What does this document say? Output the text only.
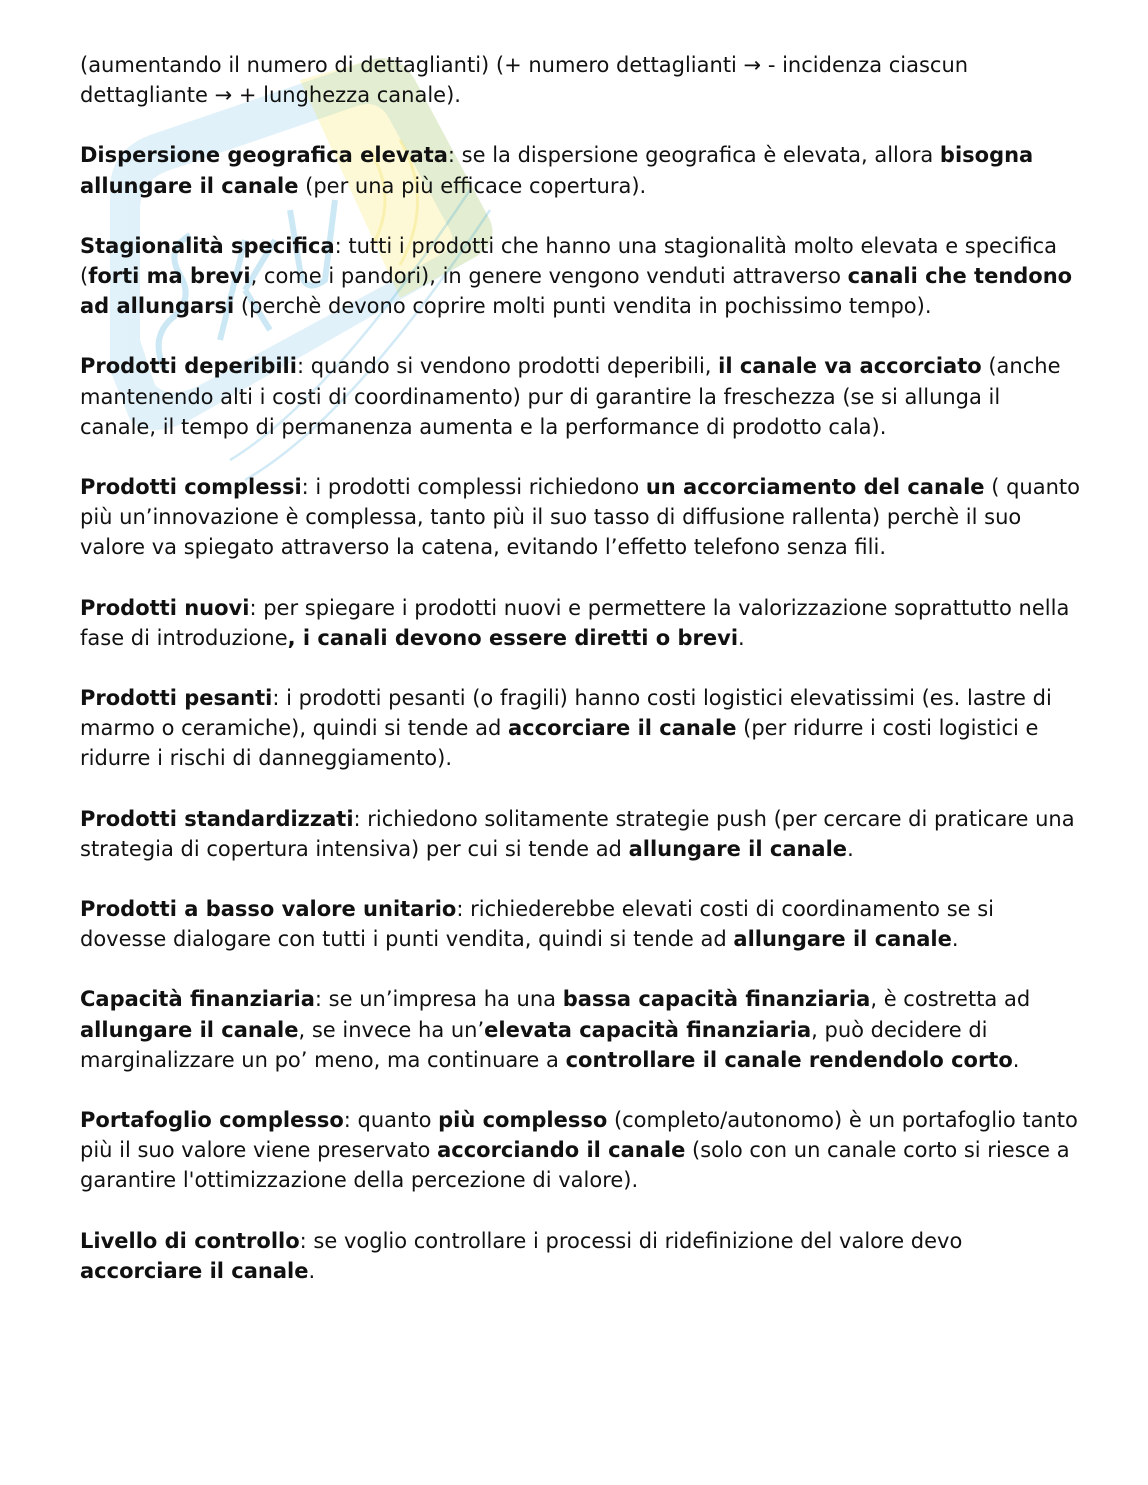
(aumentando il numero di dettaglianti) (+ numero dettaglianti → - incidenza ciascun dettagliante → + lunghezza canale).

Dispersione geografica elevata: se la dispersione geografica è elevata, allora bisogna allungare il canale (per una più efficace copertura).

Stagionalità specifica: tutti i prodotti che hanno una stagionalità molto elevata e specifica (forti ma brevi, come i pandori), in genere vengono venduti attraverso canali che tendono ad allungarsi (perchè devono coprire molti punti vendita in pochissimo tempo).

Prodotti deperibili: quando si vendono prodotti deperibili, il canale va accorciato (anche mantenendo alti i costi di coordinamento) pur di garantire la freschezza (se si allunga il canale, il tempo di permanenza aumenta e la performance di prodotto cala).

Prodotti complessi: i prodotti complessi richiedono un accorciamento del canale ( quanto più un’innovazione è complessa, tanto più il suo tasso di diffusione rallenta) perchè il suo valore va spiegato attraverso la catena, evitando l’effetto telefono senza fili.

Prodotti nuovi: per spiegare i prodotti nuovi e permettere la valorizzazione soprattutto nella fase di introduzione, i canali devono essere diretti o brevi.

Prodotti pesanti: i prodotti pesanti (o fragili) hanno costi logistici elevatissimi (es. lastre di marmo o ceramiche), quindi si tende ad accorciare il canale (per ridurre i costi logistici e ridurre i rischi di danneggiamento).

Prodotti standardizzati: richiedono solitamente strategie push (per cercare di praticare una strategia di copertura intensiva) per cui si tende ad allungare il canale.

Prodotti a basso valore unitario: richiederebbe elevati costi di coordinamento se si dovesse dialogare con tutti i punti vendita, quindi si tende ad allungare il canale.

Capacità finanziaria: se un’impresa ha una bassa capacità finanziaria, è costretta ad allungare il canale, se invece ha un’elevata capacità finanziaria, può decidere di marginalizzare un po’ meno, ma continuare a controllare il canale rendendolo corto.

Portafoglio complesso: quanto più complesso (completo/autonomo) è un portafoglio tanto più il suo valore viene preservato accorciando il canale (solo con un canale corto si riesce a garantire l'ottimizzazione della percezione di valore).

Livello di controllo: se voglio controllare i processi di ridefinizione del valore devo accorciare il canale.
